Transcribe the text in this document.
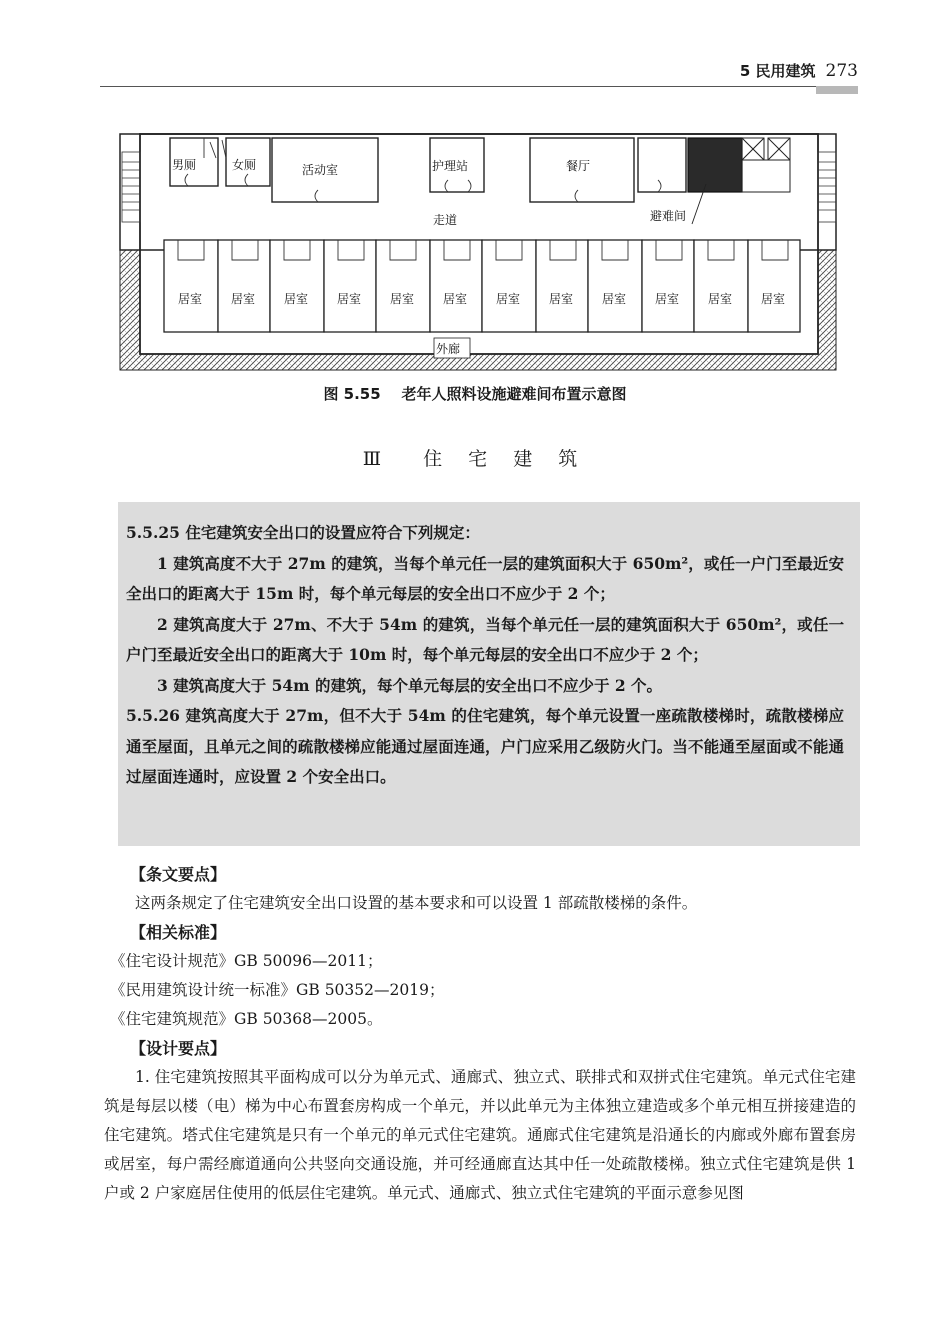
5 民用建筑 273
男厕	女厕	活动室	护理站	餐厅
走道	避难间
外廊
居室 居室 居室 居室 居室 居室 居室 居室 居室 居室 居室 居室
图 5.55    老年人照料设施避难间布置示意图
Ⅲ  住 宅 建 筑

5.5.25 住宅建筑安全出口的设置应符合下列规定：

1 建筑高度不大于 27m 的建筑，当每个单元任一层的建筑面积大于 650m²，或任一户门至最近安全出口的距离大于 15m 时，每个单元每层的安全出口不应少于 2 个；

2 建筑高度大于 27m、不大于 54m 的建筑，当每个单元任一层的建筑面积大于 650m²，或任一户门至最近安全出口的距离大于 10m 时，每个单元每层的安全出口不应少于 2 个；

3 建筑高度大于 54m 的建筑，每个单元每层的安全出口不应少于 2 个。

5.5.26 建筑高度大于 27m，但不大于 54m 的住宅建筑，每个单元设置一座疏散楼梯时，疏散楼梯应通至屋面，且单元之间的疏散楼梯应能通过屋面连通，户门应采用乙级防火门。当不能通至屋面或不能通过屋面连通时，应设置 2 个安全出口。

【条文要点】

这两条规定了住宅建筑安全出口设置的基本要求和可以设置 1 部疏散楼梯的条件。

【相关标准】

《住宅设计规范》GB 50096—2011；

《民用建筑设计统一标准》GB 50352—2019；

《住宅建筑规范》GB 50368—2005。

【设计要点】

1. 住宅建筑按照其平面构成可以分为单元式、通廊式、独立式、联排式和双拼式住宅建筑。单元式住宅建筑是每层以楼（电）梯为中心布置套房构成一个单元，并以此单元为主体独立建造或多个单元相互拼接建造的住宅建筑。塔式住宅建筑是只有一个单元的单元式住宅建筑。通廊式住宅建筑是沿通长的内廊或外廊布置套房或居室，每户需经廊道通向公共竖向交通设施，并可经通廊直达其中任一处疏散楼梯。独立式住宅建筑是供 1 户或 2 户家庭居住使用的低层住宅建筑。单元式、通廊式、独立式住宅建筑的平面示意参见图
